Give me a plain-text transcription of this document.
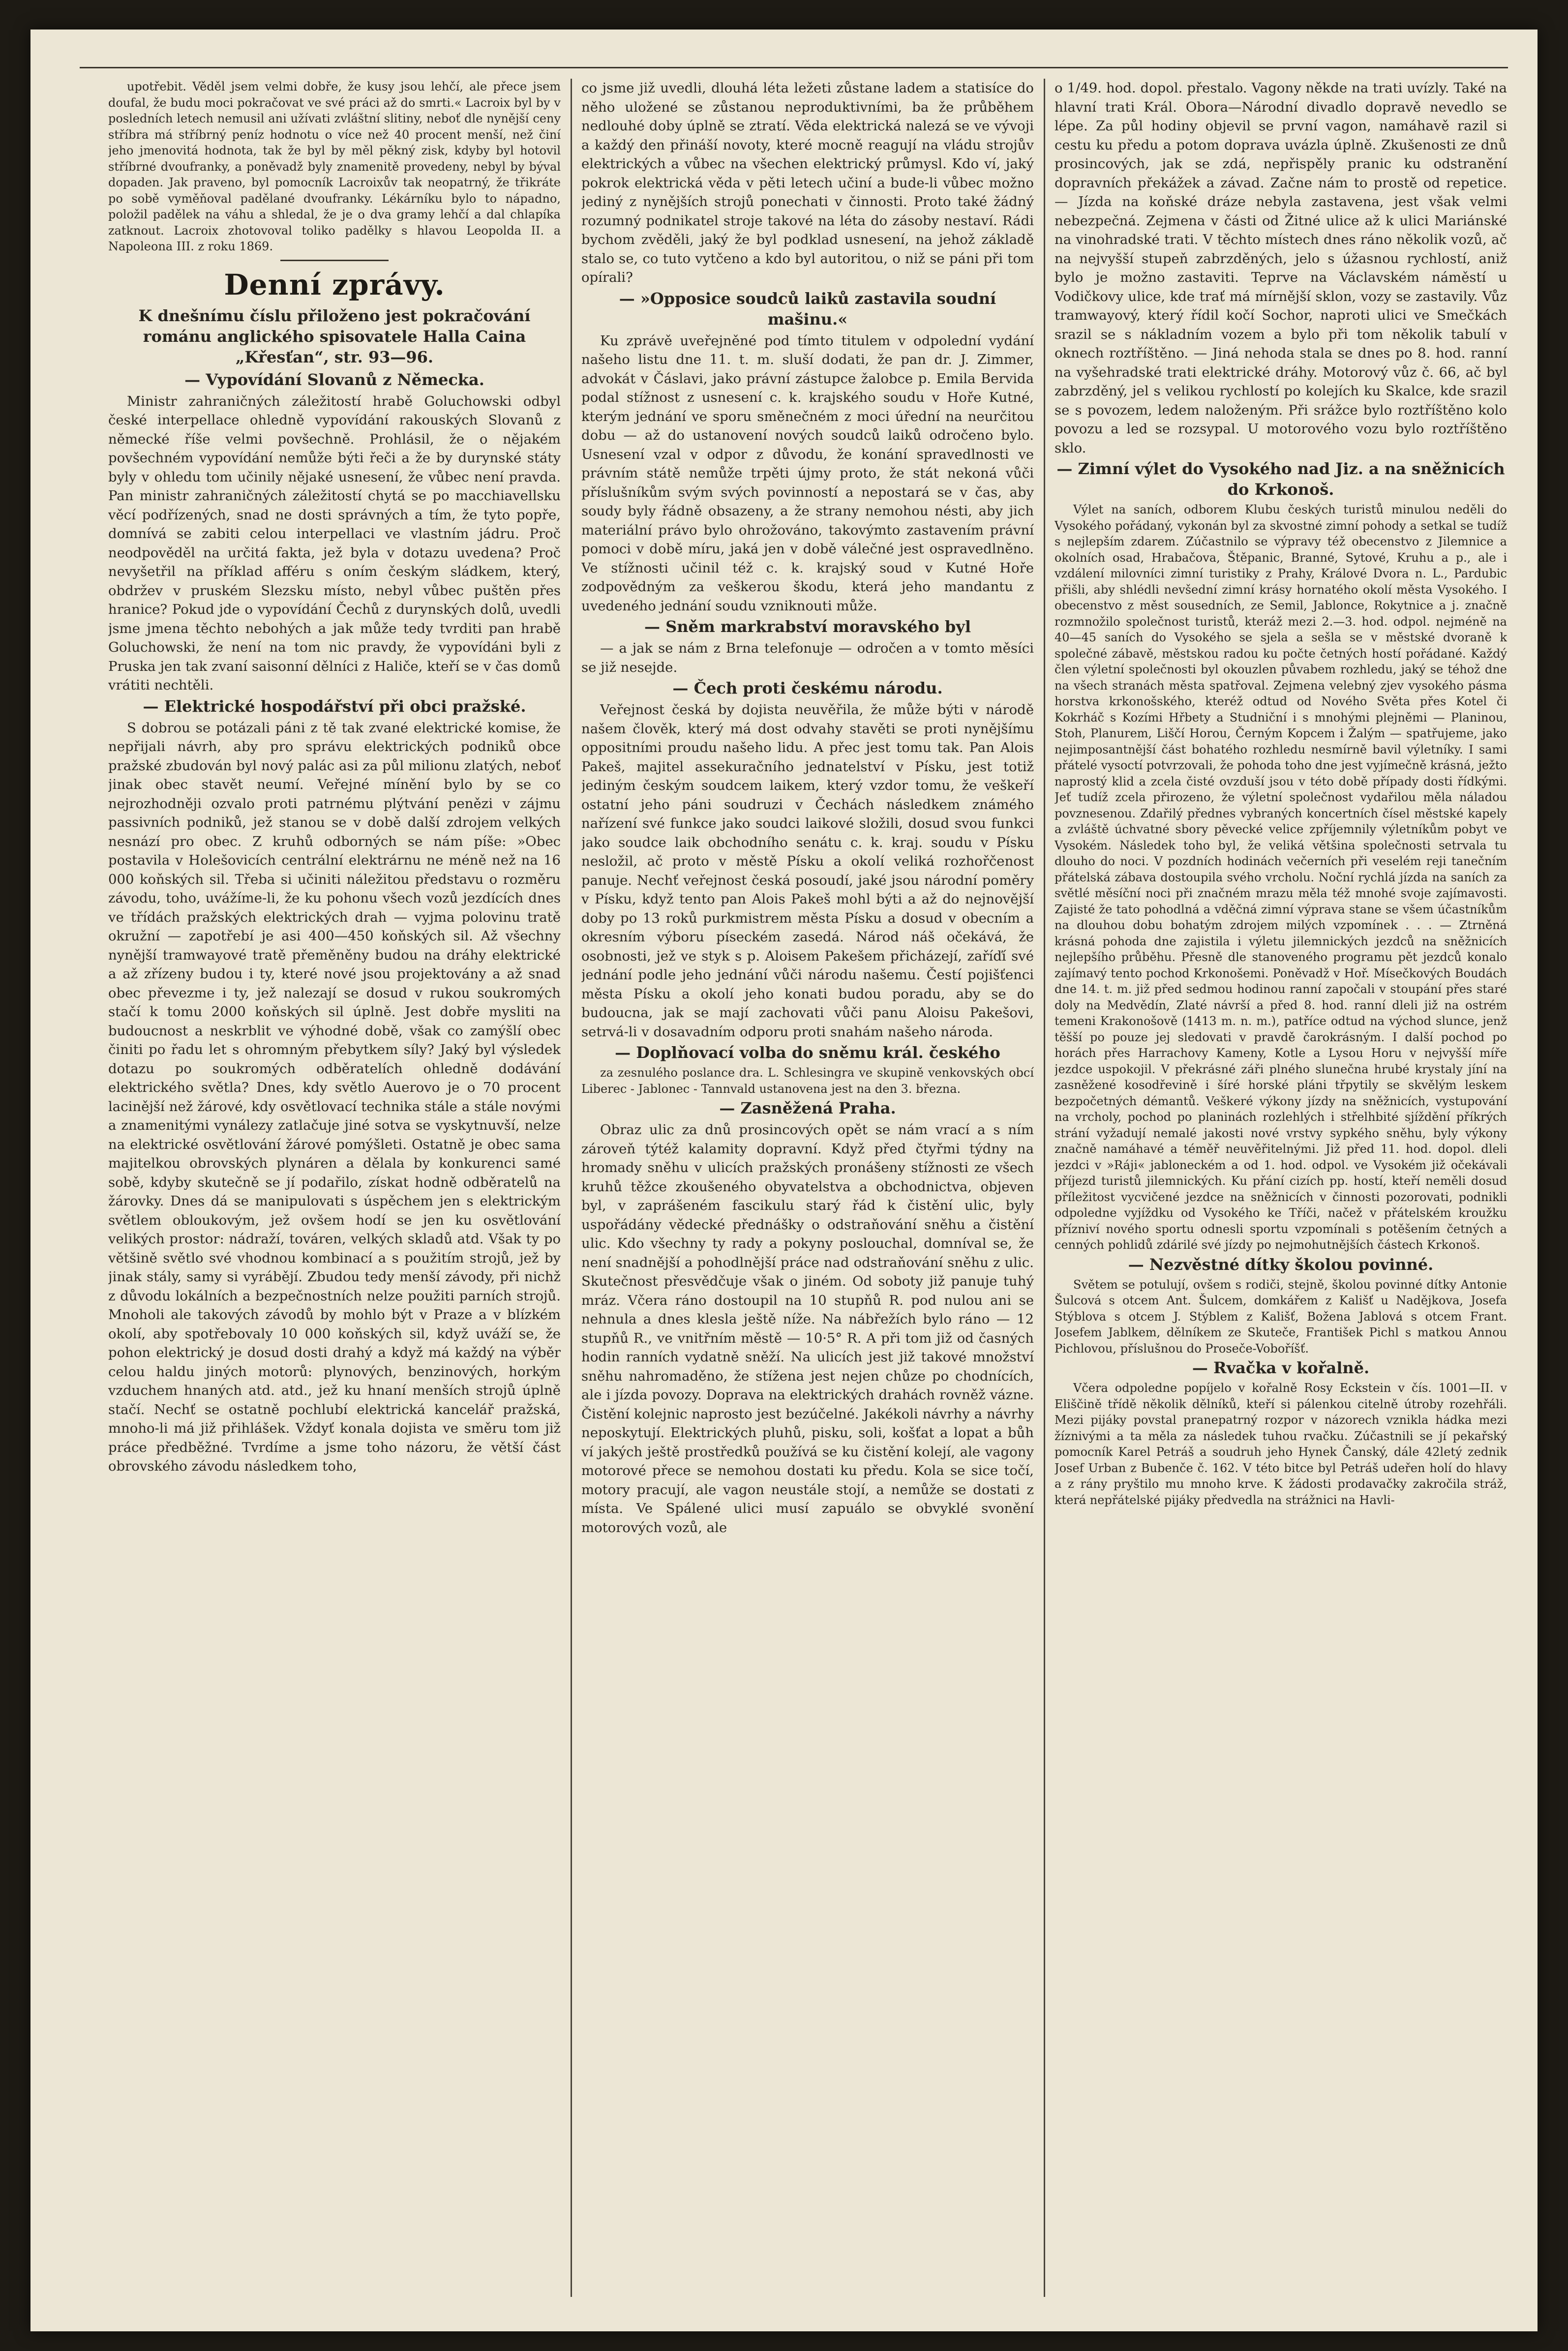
upotřebit. Věděl jsem velmi dobře, že kusy jsou lehčí, ale přece jsem doufal, že budu moci pokračovat ve své práci až do smrti.« Lacroix byl by v posledních letech nemusil ani užívati zvláštní slitiny, neboť dle nynější ceny stříbra má stříbrný peníz hodnotu o více než 40 procent menší, než činí jeho jmenovitá hodnota, tak že byl by měl pěkný zisk, kdyby byl hotovil stříbrné dvoufranky, a poněvadž byly znamenitě provedeny, nebyl by býval dopaden. Jak praveno, byl pomocník Lacroixův tak neopatrný, že třikráte po sobě vyměňoval padělané dvoufranky. Lékárníku bylo to nápadno, položil padělek na váhu a shledal, že je o dva gramy lehčí a dal chlapíka zatknout. Lacroix zhotovoval toliko padělky s hlavou Leopolda II. a Napoleona III. z roku 1869.

Denní zprávy.

K dnešnímu číslu přiloženo jest pokračování románu anglického spisovatele Halla Caina „Křesťan“, str. 93—96.

— Vypovídání Slovanů z Německa.

Ministr zahraničných záležitostí hrabě Goluchowski odbyl české interpellace ohledně vypovídání rakouských Slovanů z německé říše velmi povšechně. Prohlásil, že o nějakém povšechném vypovídání nemůže býti řeči a že by durynské státy byly v ohledu tom učinily nějaké usnesení, že vůbec není pravda. Pan ministr zahraničných záležitostí chytá se po macchiavellsku věcí podřízených, snad ne dosti správných a tím, že tyto popře, domnívá se zabiti celou interpellaci ve vlastním jádru. Proč neodpověděl na určitá fakta, jež byla v dotazu uvedena? Proč nevyšetřil na příklad afféru s oním českým sládkem, který, obdržev v pruském Slezsku místo, nebyl vůbec puštěn přes hranice? Pokud jde o vypovídání Čechů z durynských dolů, uvedli jsme jmena těchto nebohých a jak může tedy tvrditi pan hrabě Goluchowski, že není na tom nic pravdy, že vypovídáni byli z Pruska jen tak zvaní saisonní dělníci z Haliče, kteří se v čas domů vrátiti nechtěli.

— Elektrické hospodářství při obci pražské.

S dobrou se potázali páni z tě tak zvané elektrické komise, že nepřijali návrh, aby pro správu elektrických podniků obce pražské zbudován byl nový palác asi za půl milionu zlatých, neboť jinak obec stavět neumí. Veřejné mínění bylo by se co nejrozhodněji ozvalo proti patrnému plýtvání penězi v zájmu passivních podniků, jež stanou se v době další zdrojem velkých nesnází pro obec. Z kruhů odborných se nám píše: »Obec postavila v Holešovicích centrální elektrárnu ne méně než na 16 000 koňských sil. Třeba si učiniti náležitou představu o rozměru závodu, toho, uvážíme-li, že ku pohonu všech vozů jezdících dnes ve třídách pražských elektrických drah — vyjma polovinu tratě okružní — zapotřebí je asi 400—450 koňských sil. Až všechny nynější tramwayové tratě přeměněny budou na dráhy elektrické a až zřízeny budou i ty, které nové jsou projektovány a až snad obec převezme i ty, jež nalezají se dosud v rukou soukromých stačí k tomu 2000 koňských sil úplně. Jest dobře mysliti na budoucnost a neskrblit ve výhodné době, však co zamýšlí obec činiti po řadu let s ohromným přebytkem síly? Jaký byl výsledek dotazu po soukromých odběratelích ohledně dodávání elektrického světla? Dnes, kdy světlo Auerovo je o 70 procent lacinější než žárové, kdy osvětlovací technika stále a stále novými a znamenitými vynálezy zatlačuje jiné sotva se vyskytnuvší, nelze na elektrické osvětlování žárové pomýšleti. Ostatně je obec sama majitelkou obrovských plynáren a dělala by konkurenci samé sobě, kdyby skutečně se jí podařilo, získat hodně odběratelů na žárovky. Dnes dá se manipulovati s úspěchem jen s elektrickým světlem obloukovým, jež ovšem hodí se jen ku osvětlování velikých prostor: nádraží, továren, velkých skladů atd. Však ty po většině světlo své vhodnou kombinací a s použitím strojů, jež by jinak stály, samy si vyrábějí. Zbudou tedy menší závody, při nichž z důvodu lokálních a bezpečnostních nelze použiti parních strojů. Mnoholi ale takových závodů by mohlo být v Praze a v blízkém okolí, aby spotřebovaly 10 000 koňských sil, když uváží se, že pohon elektrický je dosud dosti drahý a když má každý na výběr celou haldu jiných motorů: plynových, benzinových, horkým vzduchem hnaných atd. atd., jež ku hnaní menších strojů úplně stačí. Nechť se ostatně pochlubí elektrická kancelář pražská, mnoho-li má již přihlášek. Vždyť konala dojista ve směru tom již práce předběžné. Tvrdíme a jsme toho názoru, že větší část obrovského závodu následkem toho,

co jsme již uvedli, dlouhá léta ležeti zůstane ladem a statisíce do něho uložené se zůstanou neproduktivními, ba že průběhem nedlouhé doby úplně se ztratí. Věda elektrická nalezá se ve vývoji a každý den přináší novoty, které mocně reagují na vládu strojův elektrických a vůbec na všechen elektrický průmysl. Kdo ví, jaký pokrok elektrická věda v pěti letech učiní a bude-li vůbec možno jediný z nynějších strojů ponechati v činnosti. Proto také žádný rozumný podnikatel stroje takové na léta do zásoby nestaví. Rádi bychom zvěděli, jaký že byl podklad usnesení, na jehož základě stalo se, co tuto vytčeno a kdo byl autoritou, o niž se páni při tom opírali?

— »Opposice soudců laiků zastavila soudní mašinu.«

Ku zprávě uveřejněné pod tímto titulem v odpolední vydání našeho listu dne 11. t. m. sluší dodati, že pan dr. J. Zimmer, advokát v Čáslavi, jako právní zástupce žalobce p. Emila Bervida podal stížnost z usnesení c. k. krajského soudu v Hoře Kutné, kterým jednání ve sporu směnečném z moci úřední na neurčitou dobu — až do ustanovení nových soudců laiků odročeno bylo. Usnesení vzal v odpor z důvodu, že konání spravedlnosti ve právním státě nemůže trpěti újmy proto, že stát nekoná vůči příslušníkům svým svých povinností a nepostará se v čas, aby soudy byly řádně obsazeny, a že strany nemohou nésti, aby jich materiální právo bylo ohrožováno, takovýmto zastavením právní pomoci v době míru, jaká jen v době válečné jest ospravedlněno. Ve stížnosti učinil též c. k. krajský soud v Kutné Hoře zodpovědným za veškerou škodu, která jeho mandantu z uvedeného jednání soudu vzniknouti může.

— Sněm markrabství moravského byl

— a jak se nám z Brna telefonuje — odročen a v tomto měsíci se již nesejde.

— Čech proti českému národu.

Veřejnost česká by dojista neuvěřila, že může býti v národě našem člověk, který má dost odvahy stavěti se proti nynějšímu oppositními proudu našeho lidu. A přec jest tomu tak. Pan Alois Pakeš, majitel assekuračního jednatelství v Písku, jest totiž jediným českým soudcem laikem, který vzdor tomu, že veškeří ostatní jeho páni soudruzi v Čechách následkem známého nařízení své funkce jako soudci laikové složili, dosud svou funkci jako soudce laik obchodního senátu c. k. kraj. soudu v Písku nesložil, ač proto v městě Písku a okolí veliká rozhořčenost panuje. Nechť veřejnost česká posoudí, jaké jsou národní poměry v Písku, když tento pan Alois Pakeš mohl býti a až do nejnovější doby po 13 roků purkmistrem města Písku a dosud v obecním a okresním výboru píseckém zasedá. Národ náš očekává, že osobnosti, jež ve styk s p. Aloisem Pakešem přicházejí, zaříďí své jednání podle jeho jednání vůči národu našemu. Čestí pojišťenci města Písku a okolí jeho konati budou poradu, aby se do budoucna, jak se mají zachovati vůči panu Aloisu Pakešovi, setrvá-li v dosavadním odporu proti snahám našeho národa.

— Doplňovací volba do sněmu král. českého

za zesnulého poslance dra. L. Schlesingra ve skupině venkovských obcí Liberec - Jablonec - Tannvald ustanovena jest na den 3. března.

— Zasněžená Praha.

Obraz ulic za dnů prosincových opět se nám vrací a s ním zároveň týtéž kalamity dopravní. Když před čtyřmi týdny na hromady sněhu v ulicích pražských pronášeny stížnosti ze všech kruhů těžce zkoušeného obyvatelstva a obchodnictva, objeven byl, v zaprášeném fascikulu starý řád k čistění ulic, byly uspořádány vědecké přednášky o odstraňování sněhu a čistění ulic. Kdo všechny ty rady a pokyny poslouchal, domníval se, že není snadnější a pohodlnější práce nad odstraňování sněhu z ulic. Skutečnost přesvědčuje však o jiném. Od soboty již panuje tuhý mráz. Včera ráno dostoupil na 10 stupňů R. pod nulou ani se nehnula a dnes klesla ještě níže. Na nábřežích bylo ráno — 12 stupňů R., ve vnitřním městě — 10·5° R. A při tom již od časných hodin ranních vydatně sněží. Na ulicích jest již takové množství sněhu nahromaděno, že stížena jest nejen chůze po chodnících, ale i jízda povozy. Doprava na elektrických drahách rovněž vázne. Čistění kolejnic naprosto jest bezúčelné. Jakékoli návrhy a návrhy neposkytují. Elektrických pluhů, pisku, soli, košťat a lopat a bůh ví jakých ještě prostředků používá se ku čistění kolejí, ale vagony motorové přece se nemohou dostati ku předu. Kola se sice točí, motory pracují, ale vagon neustále stojí, a nemůže se dostati z místa. Ve Spálené ulici musí zapuálo se obvyklé svonění motorových vozů, ale

o 1/49. hod. dopol. přestalo. Vagony někde na trati uvízly. Také na hlavní trati Král. Obora—Národní divadlo dopravě nevedlo se lépe. Za půl hodiny objevil se první vagon, namáhavě razil si cestu ku předu a potom doprava uvázla úplně. Zkušenosti ze dnů prosincových, jak se zdá, nepřispěly pranic ku odstranění dopravních překážek a závad. Začne nám to prostě od repetice. — Jízda na koňské dráze nebyla zastavena, jest však velmi nebezpečná. Zejmena v části od Žitné ulice až k ulici Mariánské na vinohradské trati. V těchto místech dnes ráno několik vozů, ač na nejvyšší stupeň zabrzděných, jelo s úžasnou rychlostí, aniž bylo je možno zastaviti. Teprve na Václavském náměstí u Vodičkovy ulice, kde trať má mírnější sklon, vozy se zastavily. Vůz tramwayový, který řídil kočí Sochor, naproti ulici ve Smečkách srazil se s nákladním vozem a bylo při tom několik tabulí v oknech roztříštěno. — Jiná nehoda stala se dnes po 8. hod. ranní na vyšehradské trati elektrické dráhy. Motorový vůz č. 66, ač byl zabrzděný, jel s velikou rychlostí po kolejích ku Skalce, kde srazil se s povozem, ledem naloženým. Při srážce bylo roztříštěno kolo povozu a led se rozsypal. U motorového vozu bylo roztříštěno sklo.

— Zimní výlet do Vysokého nad Jiz. a na sněžnicích do Krkonoš.

Výlet na saních, odborem Klubu českých turistů minulou neděli do Vysokého pořádaný, vykonán byl za skvostné zimní pohody a setkal se tudíž s nejlepším zdarem. Zúčastnilo se výpravy též obecenstvo z Jilemnice a okolních osad, Hrabačova, Štěpanic, Branné, Sytové, Kruhu a p., ale i vzdálení milovníci zimní turistiky z Prahy, Králové Dvora n. L., Pardubic přišli, aby shlédli nevšední zimní krásy hornatého okolí města Vysokého. I obecenstvo z měst sousedních, ze Semil, Jablonce, Rokytnice a j. značně rozmnožilo společnost turistů, kteráž mezi 2.—3. hod. odpol. nejméně na 40—45 saních do Vysokého se sjela a sešla se v městské dvoraně k společné zábavě, městskou radou ku počte četných hostí pořádané. Každý člen výletní společnosti byl okouzlen půvabem rozhledu, jaký se téhož dne na všech stranách města spatřoval. Zejmena velebný zjev vysokého pásma horstva krkonošského, kteréž odtud od Nového Světa přes Kotel či Kokrháč s Kozími Hřbety a Studniční i s mnohými plejněmi — Planinou, Stoh, Planurem, Liščí Horou, Černým Kopcem i Žalým — spatřujeme, jako nejimposantnější část bohatého rozhledu nesmírně bavil výletníky. I sami přátelé vysoctí potvrzovali, že pohoda toho dne jest vyjímečně krásná, ježto naprostý klid a zcela čisté ovzduší jsou v této době případy dosti řídkými. Jeť tudíž zcela přirozeno, že výletní společnost vydařilou měla náladou povznesenou. Zdařilý přednes vybraných koncertních čísel městské kapely a zvláště úchvatné sbory pěvecké velice zpříjemnily výletníkům pobyt ve Vysokém. Následek toho byl, že veliká většina společnosti setrvala tu dlouho do noci. V pozdních hodinách večerních při veselém reji tanečním přátelská zábava dostoupila svého vrcholu. Noční rychlá jízda na saních za světlé měsíční noci při značném mrazu měla též mnohé svoje zajímavosti. Zajisté že tato pohodlná a vděčná zimní výprava stane se všem účastníkům na dlouhou dobu bohatým zdrojem milých vzpomínek . . . — Ztrněná krásná pohoda dne zajistila i výletu jilemnických jezdců na sněžnicích nejlepšího průběhu. Přesně dle stanoveného programu pět jezdců konalo zajímavý tento pochod Krkonošemi. Poněvadž v Hoř. Mísečkových Boudách dne 14. t. m. již před sedmou hodinou ranní započali v stoupání přes staré doly na Medvědín, Zlaté návrší a před 8. hod. ranní dleli již na ostrém temeni Krakonošově (1413 m. n. m.), patříce odtud na východ slunce, jenž těšší po pouze jej sledovati v pravdě čarokrásným. I další pochod po horách přes Harrachovy Kameny, Kotle a Lysou Horu v nejvyšší míře jezdce uspokojil. V překrásné záři plného slunečna hrubé krystaly jíní na zasněžené kosodřevině i šíré horské pláni třpytily se skvělým leskem bezpočetných démantů. Veškeré výkony jízdy na sněžnicích, vystupování na vrcholy, pochod po planinách rozlehlých i střelhbité sjíždění příkrých strání vyžadují nemalé jakosti nové vrstvy sypkého sněhu, byly výkony značně namáhavé a téměř neuvěřitelnými. Již před 11. hod. dopol. dleli jezdci v »Ráji« jabloneckém a od 1. hod. odpol. ve Vysokém již očekávali příjezd turistů jilemnických. Ku přání cizích pp. hostí, kteří neměli dosud příležitost vycvičené jezdce na sněžnicích v činnosti pozorovati, podnikli odpoledne vyjíždku od Vysokého ke Tříči, načež v přátelském kroužku přízniví novéhо sportu odnesli sportu vzpomínali s potěšením četných a cenných pohlidů zdárilé své jízdy po nejmohutnějších částech Krkonoš.

— Nezvěstné dítky školou povinné.

Světem se potulují, ovšem s rodiči, stejně, školou povinné dítky Antonie Šulcová s otcem Ant. Šulcem, domkářem z Kališť u Nadějkova, Josefa Stýblova s otcem J. Stýblem z Kališť, Božena Jablová s otcem Frant. Josefem Jablkem, dělníkem ze Skuteče, František Pichl s matkou Annou Pichlovou, příslušnou do Proseče-Voboříšť.

— Rvačka v kořalně.

Včera odpoledne popíjelo v kořalně Rosy Eckstein v čís. 1001—II. v Eliščině třídě několik dělníků, kteří si pálenkou citelně útroby rozehřáli. Mezi pijáky povstal pranepatrný rozpor v názorech vznikla hádka mezi žíznivými a ta měla za následek tuhou rvačku. Zúčastnili se jí pekařský pomocník Karel Petráš a soudruh jeho Hynek Čanský, dále 42letý zednik Josef Urban z Bubenče č. 162. V této bitce byl Petráš udeřen holí do hlavy a z rány pryštilo mu mnoho krve. K žádosti prodavačky zakročila stráž, která nepřátelské pijáky předvedla na strážnici na Havli-
